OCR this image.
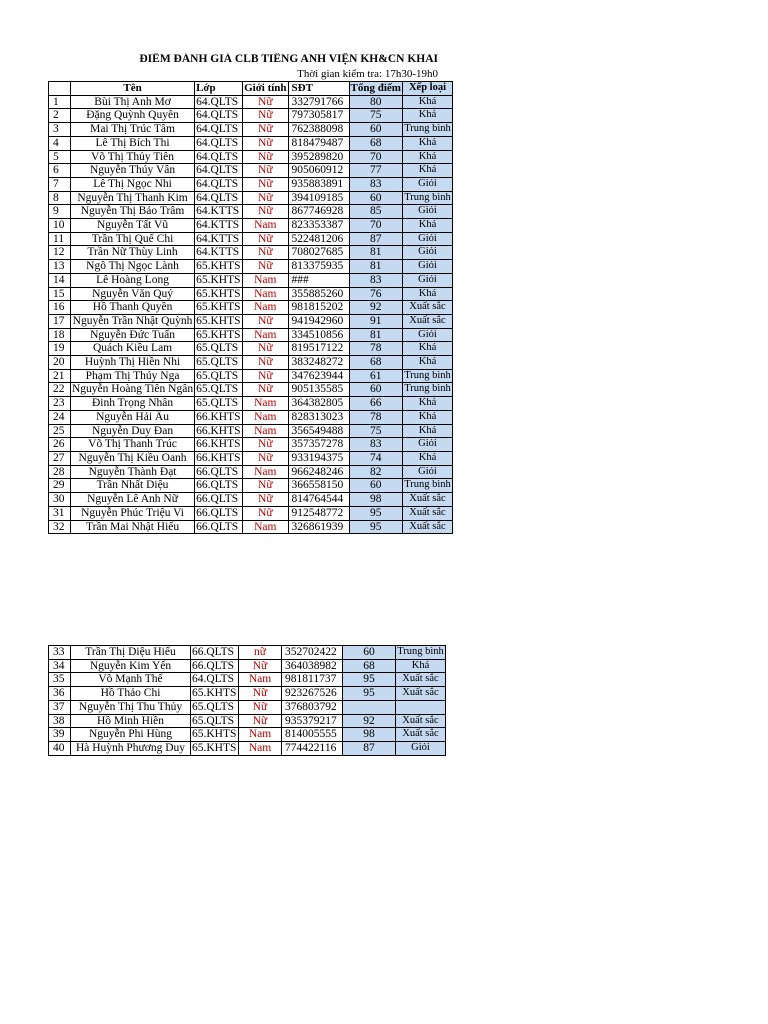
ĐIỂM ĐÁNH GIÁ CLB TIẾNG ANH VIỆN KH&CN KHAI
Thời gian kiểm tra: 17h30-19h0
	Tên	Lớp	Giới tính	SĐT	Tổng điểm	Xếp loại
1	Bùi Thị Anh Mơ	64.QLTS	Nữ	332791766	80	Khá
2	Đặng Quỳnh Quyên	64.QLTS	Nữ	797305817	75	Khá
3	Mai Thị Trúc Tâm	64.QLTS	Nữ	762388098	60	Trung bình
4	Lê Thị Bích Thi	64.QLTS	Nữ	818479487	68	Khá
5	Võ Thị Thủy Tiên	64.QLTS	Nữ	395289820	70	Khá
6	Nguyễn Thúy Vân	64.QLTS	Nữ	905060912	77	Khá
7	Lê Thị Ngọc Nhi	64.QLTS	Nữ	935883891	83	Giỏi
8	Nguyễn Thị Thanh Kim	64.QLTS	Nữ	394109185	60	Trung bình
9	Nguyễn Thị Bảo Trâm	64.KTTS	Nữ	867746928	85	Giỏi
10	Nguyễn Tất Vũ	64.KTTS	Nam	823353387	70	Khá
11	Trần Thị Quế Chi	64.KTTS	Nữ	522481206	87	Giỏi
12	Trần Nữ Thùy Linh	64.KTTS	Nữ	708027685	81	Giỏi
13	Ngô Thị Ngọc Lành	65.KHTS	Nữ	813375935	81	Giỏi
14	Lê Hoàng Long	65.KHTS	Nam	###	83	Giỏi
15	Nguyễn Văn Quý	65.KHTS	Nam	355885260	76	Khá
16	Hồ Thanh Quyền	65.KHTS	Nam	981815202	92	Xuất sắc
17	Nguyễn Trần Nhật Quỳnh	65.KHTS	Nữ	941942960	91	Xuất sắc
18	Nguyễn Đức Tuấn	65.KHTS	Nam	334510856	81	Giỏi
19	Quách Kiều Lam	65.QLTS	Nữ	819517122	78	Khá
20	Huỳnh Thị Hiền Nhi	65.QLTS	Nữ	383248272	68	Khá
21	Phạm Thị Thúy Nga	65.QLTS	Nữ	347623944	61	Trung bình
22	Nguyễn Hoàng Tiên Ngân	65.QLTS	Nữ	905135585	60	Trung bình
23	Đinh Trọng Nhân	65.QLTS	Nam	364382805	66	Khá
24	Nguyễn Hải Âu	66.KHTS	Nam	828313023	78	Khá
25	Nguyễn Duy Đan	66.KHTS	Nam	356549488	75	Khá
26	Võ Thị Thanh Trúc	66.KHTS	Nữ	357357278	83	Giỏi
27	Nguyễn Thị Kiều Oanh	66.KHTS	Nữ	933194375	74	Khá
28	Nguyễn Thành Đạt	66.QLTS	Nam	966248246	82	Giỏi
29	Trần Nhất Diệu	66.QLTS	Nữ	366558150	60	Trung bình
30	Nguyễn Lê Anh Nữ	66.QLTS	Nữ	814764544	98	Xuất sắc
31	Nguyễn Phúc Triệu Vi	66.QLTS	Nữ	912548772	95	Xuất sắc
32	Trần Mai Nhật Hiếu	66.QLTS	Nam	326861939	95	Xuất sắc
33	Trần Thị Diệu Hiếu	66.QLTS	nữ	352702422	60	Trung bình
34	Nguyễn Kim Yến	66.QLTS	Nữ	364038982	68	Khá
35	Võ Mạnh Thế	64.QLTS	Nam	981811737	95	Xuất sắc
36	Hồ Thảo Chi	65.KHTS	Nữ	923267526	95	Xuất sắc
37	Nguyễn Thị Thu Thủy	65.QLTS	Nữ	376803792		
38	Hồ Minh Hiền	65.QLTS	Nữ	935379217	92	Xuất sắc
39	Nguyễn Phi Hùng	65.KHTS	Nam	814005555	98	Xuất sắc
40	Hà Huỳnh Phương Duy	65.KHTS	Nam	774422116	87	Giỏi
